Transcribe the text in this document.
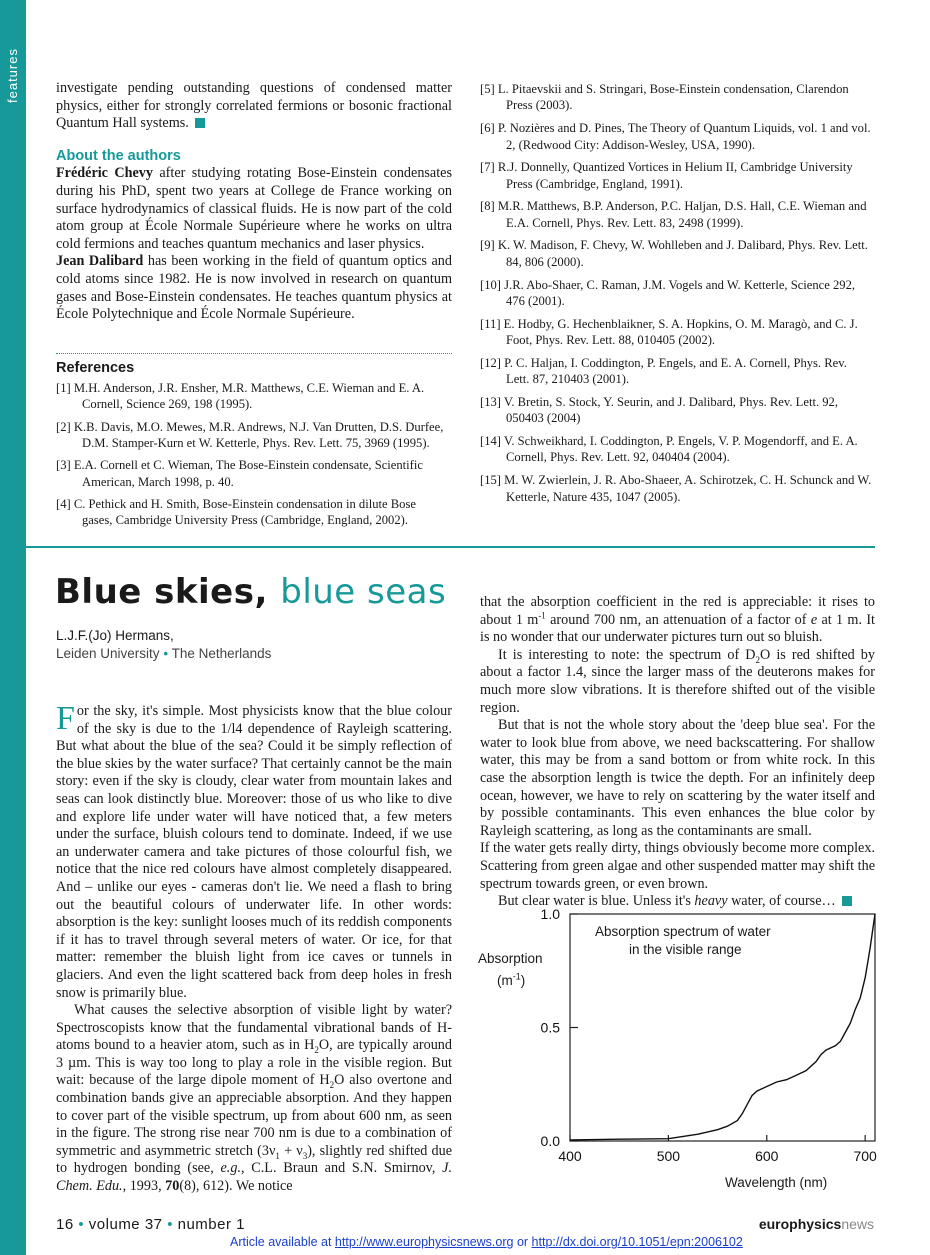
features	investigate pending outstanding questions of condensed matter physics, either for strongly correlated fermions or bosonic fractional Quantum Hall systems.

About the authors

Frédéric Chevy after studying rotating Bose-Einstein condensates during his PhD, spent two years at College de France working on surface hydrodynamics of classical fluids. He is now part of the cold atom group at École Normale Supérieure where he works on ultra cold fermions and teaches quantum mechanics and laser physics.

Jean Dalibard has been working in the field of quantum optics and cold atoms since 1982. He is now involved in research on quantum gases and Bose-Einstein condensates. He teaches quantum physics at École Polytechnique and École Normale Supérieure.

References

[1] M.H. Anderson, J.R. Ensher, M.R. Matthews, C.E. Wieman and E. A. Cornell, Science 269, 198 (1995).
[2] K.B. Davis, M.O. Mewes, M.R. Andrews, N.J. Van Drutten, D.S. Durfee, D.M. Stamper-Kurn et W. Ketterle, Phys. Rev. Lett. 75, 3969 (1995).
[3] E.A. Cornell et C. Wieman, The Bose-Einstein condensate, Scientific American, March 1998, p. 40.
[4] C. Pethick and H. Smith, Bose-Einstein condensation in dilute Bose gases, Cambridge University Press (Cambridge, England, 2002).
[5] L. Pitaevskii and S. Stringari, Bose-Einstein condensation, Clarendon Press (2003).
[6] P. Nozières and D. Pines, The Theory of Quantum Liquids, vol. 1 and vol. 2, (Redwood City: Addison-Wesley, USA, 1990).
[7] R.J. Donnelly, Quantized Vortices in Helium II, Cambridge University Press (Cambridge, England, 1991).
[8] M.R. Matthews, B.P. Anderson, P.C. Haljan, D.S. Hall, C.E. Wieman and E.A. Cornell, Phys. Rev. Lett. 83, 2498 (1999).
[9] K. W. Madison, F. Chevy, W. Wohlleben and J. Dalibard, Phys. Rev. Lett. 84, 806 (2000).
[10] J.R. Abo-Shaer, C. Raman, J.M. Vogels and W. Ketterle, Science 292, 476 (2001).
[11] E. Hodby, G. Hechenblaikner, S. A. Hopkins, O. M. Maragò, and C. J. Foot, Phys. Rev. Lett. 88, 010405 (2002).
[12] P. C. Haljan, I. Coddington, P. Engels, and E. A. Cornell, Phys. Rev. Lett. 87, 210403 (2001).
[13] V. Bretin, S. Stock, Y. Seurin, and J. Dalibard, Phys. Rev. Lett. 92, 050403 (2004)
[14] V. Schweikhard, I. Coddington, P. Engels, V. P. Mogendorff, and E. A. Cornell, Phys. Rev. Lett. 92, 040404 (2004).
[15] M. W. Zwierlein, J. R. Abo-Shaeer, A. Schirotzek, C. H. Schunck and W. Ketterle, Nature 435, 1047 (2005).
Blue skies, blue seas
L.J.F.(Jo) Hermans,
Leiden University • The Netherlands

For the sky, it's simple. Most physicists know that the blue colour of the sky is due to the 1/l4 dependence of Rayleigh scattering. But what about the blue of the sea? Could it be simply reflection of the blue skies by the water surface? That certainly cannot be the main story: even if the sky is cloudy, clear water from mountain lakes and seas can look distinctly blue. Moreover: those of us who like to dive and explore life under water will have noticed that, a few meters under the surface, bluish colours tend to dominate. Indeed, if we use an underwater camera and take pictures of those colourful fish, we notice that the nice red colours have almost completely disappeared. And – unlike our eyes - cameras don't lie. We need a flash to bring out the beautiful colours of underwater life. In other words: absorption is the key: sunlight looses much of its reddish components if it has to travel through several meters of water. Or ice, for that matter: remember the bluish light from ice caves or tunnels in glaciers. And even the light scattered back from deep holes in fresh snow is primarily blue.

What causes the selective absorption of visible light by water? Spectroscopists know that the fundamental vibrational bands of H-atoms bound to a heavier atom, such as in $H_2O$, are typically around 3 µm. This is way too long to play a role in the visible region. But wait: because of the large dipole moment of $H_2O$ also overtone and combination bands give an appreciable absorption. And they happen to cover part of the visible spectrum, up from about 600 nm, as seen in the figure. The strong rise near 700 nm is due to a combination of symmetric and asymmetric stretch $(3\nu_1 + \nu_3)$, slightly red shifted due to hydrogen bonding (see, e.g., C.L. Braun and S.N. Smirnov, J. Chem. Edu., 1993, 70(8), 612). We notice

that the absorption coefficient in the red is appreciable: it rises to about 1 $m^{-1}$ around 700 nm, an attenuation of a factor of e at 1 m. It is no wonder that our underwater pictures turn out so bluish.

It is interesting to note: the spectrum of $D_2O$ is red shifted by about a factor 1.4, since the larger mass of the deuterons makes for much more slow vibrations. It is therefore shifted out of the visible region.

But that is not the whole story about the 'deep blue sea'. For the water to look blue from above, we need backscattering. For shallow water, this may be from a sand bottom or from white rock. In this case the absorption length is twice the depth. For an infinitely deep ocean, however, we have to rely on scattering by the water itself and by possible contaminants. This even enhances the blue color by Rayleigh scattering, as long as the contaminants are small.

If the water gets really dirty, things obviously become more complex. Scattering from green algae and other suspended matter may shift the spectrum towards green, or even brown.

But clear water is blue. Unless it's heavy water, of course…

400	500	600	700
1.0
0.5
0.0
Absorption spectrum of water
in the visible range
Absorption
$(m^{-1})$
Wavelength (nm)
16 • volume 37 • number 1	europhysicsnews
Article available at http://www.europhysicsnews.org or http://dx.doi.org/10.1051/epn:2006102
